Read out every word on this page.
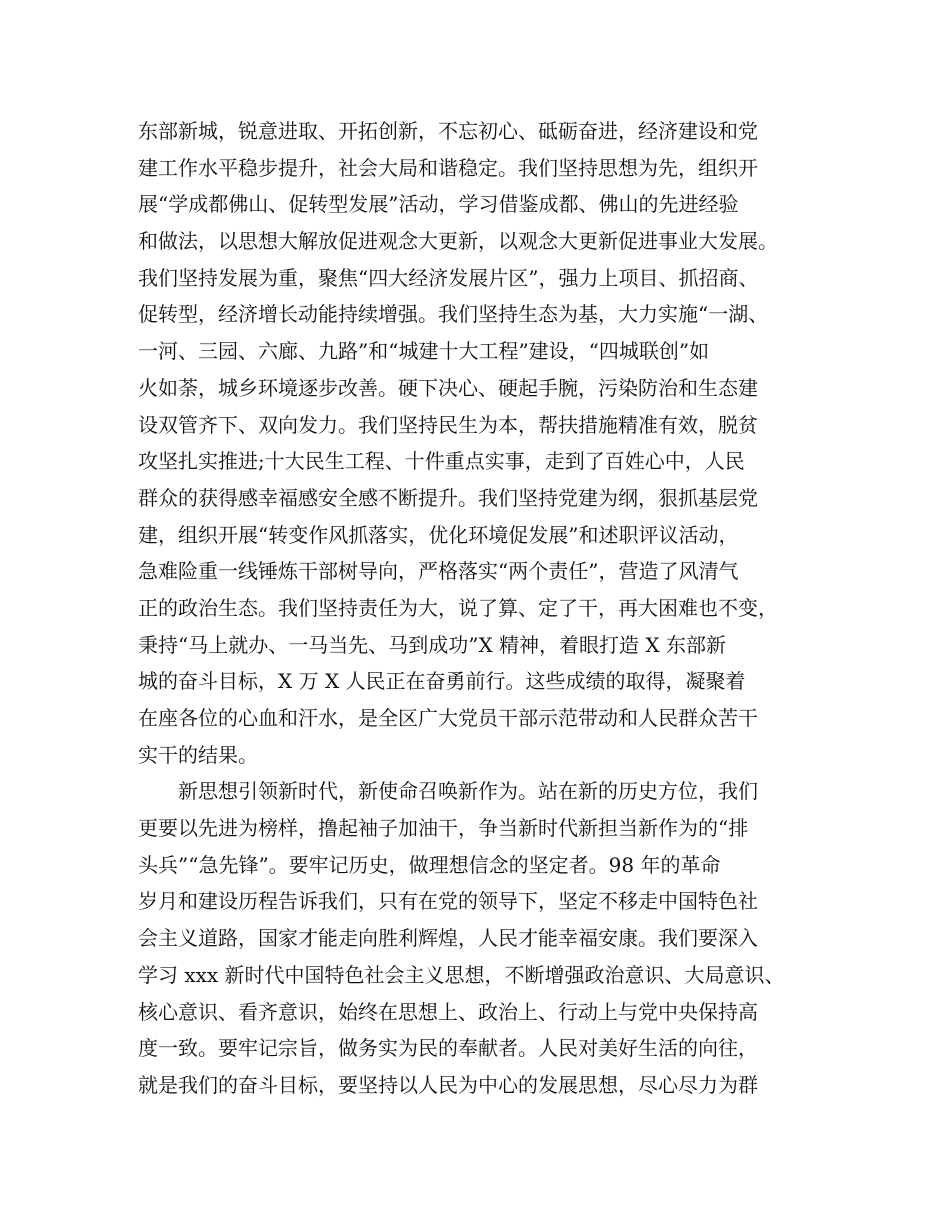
东部新城，锐意进取、开拓创新，不忘初心、砥砺奋进，经济建设和党
建工作水平稳步提升，社会大局和谐稳定。我们坚持思想为先，组织开
展“学成都佛山、促转型发展”活动，学习借鉴成都、佛山的先进经验
和做法，以思想大解放促进观念大更新，以观念大更新促进事业大发展。
我们坚持发展为重，聚焦“四大经济发展片区”，强力上项目、抓招商、
促转型，经济增长动能持续增强。我们坚持生态为基，大力实施“一湖、
一河、三园、六廊、九路”和“城建十大工程”建设，“四城联创”如
火如荼，城乡环境逐步改善。硬下决心、硬起手腕，污染防治和生态建
设双管齐下、双向发力。我们坚持民生为本，帮扶措施精准有效，脱贫
攻坚扎实推进;十大民生工程、十件重点实事，走到了百姓心中，人民
群众的获得感幸福感安全感不断提升。我们坚持党建为纲，狠抓基层党
建，组织开展“转变作风抓落实，优化环境促发展”和述职评议活动，
急难险重一线锤炼干部树导向，严格落实“两个责任”，营造了风清气
正的政治生态。我们坚持责任为大，说了算、定了干，再大困难也不变，
秉持“马上就办、一马当先、马到成功”X 精神，着眼打造 X 东部新
城的奋斗目标，X 万 X 人民正在奋勇前行。这些成绩的取得，凝聚着
在座各位的心血和汗水，是全区广大党员干部示范带动和人民群众苦干
实干的结果。
　　新思想引领新时代，新使命召唤新作为。站在新的历史方位，我们
更要以先进为榜样，撸起袖子加油干，争当新时代新担当新作为的“排
头兵”“急先锋”。要牢记历史，做理想信念的坚定者。98 年的革命
岁月和建设历程告诉我们，只有在党的领导下，坚定不移走中国特色社
会主义道路，国家才能走向胜利辉煌，人民才能幸福安康。我们要深入
学习 xxx 新时代中国特色社会主义思想，不断增强政治意识、大局意识、
核心意识、看齐意识，始终在思想上、政治上、行动上与党中央保持高
度一致。要牢记宗旨，做务实为民的奉献者。人民对美好生活的向往，
就是我们的奋斗目标，要坚持以人民为中心的发展思想，尽心尽力为群
